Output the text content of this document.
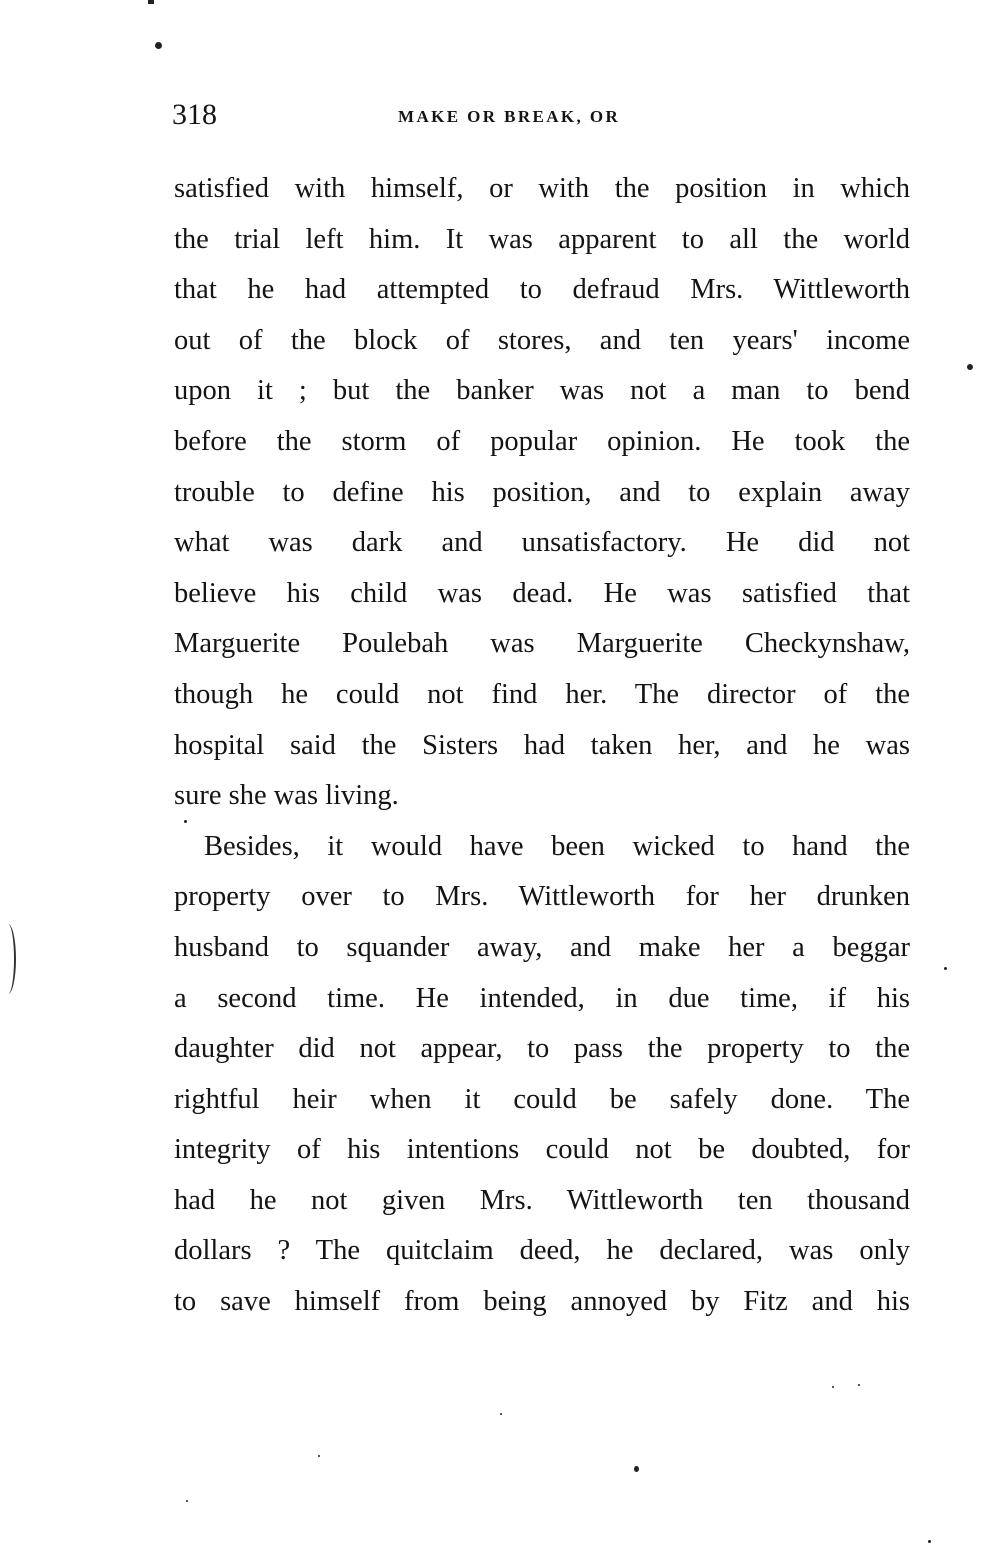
318	MAKE OR BREAK, OR
satisfied with himself, or with the position in which
the trial left him. It was apparent to all the world
that he had attempted to defraud Mrs. Wittleworth
out of the block of stores, and ten years' income
upon it ; but the banker was not a man to bend
before the storm of popular opinion. He took the
trouble to define his position, and to explain away
what was dark and unsatisfactory. He did not
believe his child was dead. He was satisfied that
Marguerite Poulebah was Marguerite Checkynshaw,
though he could not find her. The director of the
hospital said the Sisters had taken her, and he was
sure she was living.
Besides, it would have been wicked to hand the
property over to Mrs. Wittleworth for her drunken
husband to squander away, and make her a beggar
a second time. He intended, in due time, if his
daughter did not appear, to pass the property to the
rightful heir when it could be safely done. The
integrity of his intentions could not be doubted, for
had he not given Mrs. Wittleworth ten thousand
dollars ? The quitclaim deed, he declared, was only
to save himself from being annoyed by Fitz and his
